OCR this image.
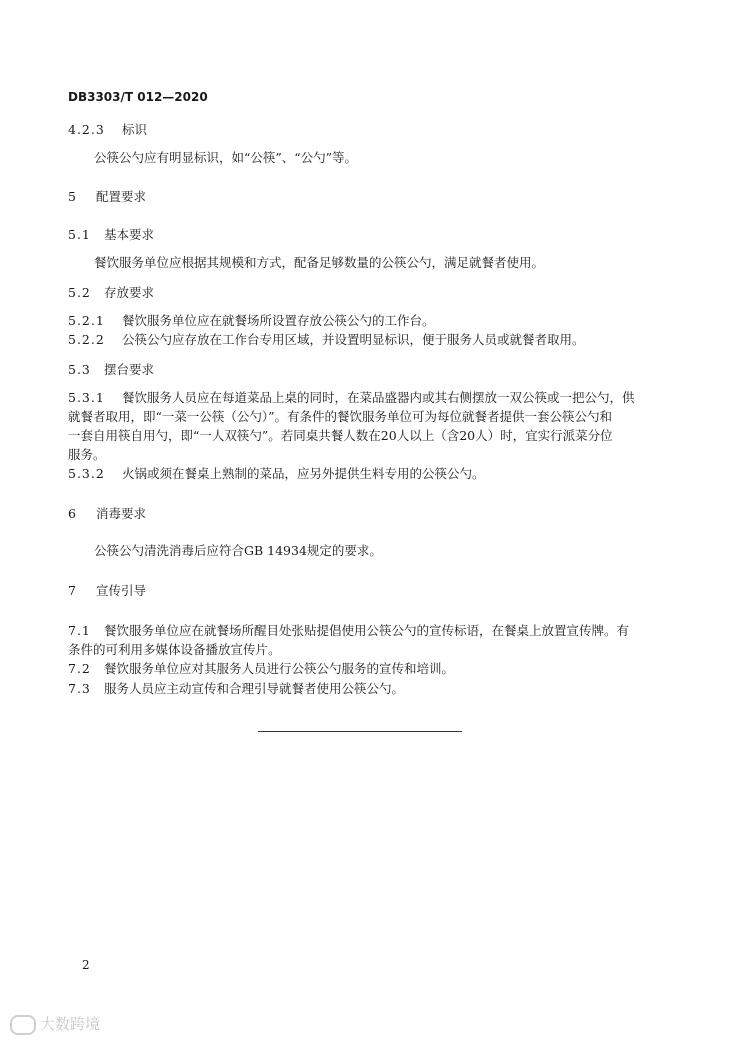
DB3303/T 012—2020
4.2.3 标识
公筷公勺应有明显标识，如“公筷”、“公勺”等。
5 配置要求
5.1 基本要求
餐饮服务单位应根据其规模和方式，配备足够数量的公筷公勺，满足就餐者使用。
5.2 存放要求
5.2.1 餐饮服务单位应在就餐场所设置存放公筷公勺的工作台。
5.2.2 公筷公勺应存放在工作台专用区域，并设置明显标识，便于服务人员或就餐者取用。
5.3 摆台要求
5.3.1 餐饮服务人员应在每道菜品上桌的同时，在菜品盛器内或其右侧摆放一双公筷或一把公勺，供
就餐者取用，即“一菜一公筷（公勺）”。有条件的餐饮服务单位可为每位就餐者提供一套公筷公勺和
一套自用筷自用勺，即“一人双筷勺”。若同桌共餐人数在20人以上（含20人）时，宜实行派菜分位
服务。
5.3.2 火锅或须在餐桌上熟制的菜品，应另外提供生料专用的公筷公勺。
6 消毒要求
公筷公勺清洗消毒后应符合GB 14934规定的要求。
7 宣传引导
7.1 餐饮服务单位应在就餐场所醒目处张贴提倡使用公筷公勺的宣传标语，在餐桌上放置宣传牌。有
条件的可利用多媒体设备播放宣传片。
7.2 餐饮服务单位应对其服务人员进行公筷公勺服务的宣传和培训。
7.3 服务人员应主动宣传和合理引导就餐者使用公筷公勺。
2
大数跨境
